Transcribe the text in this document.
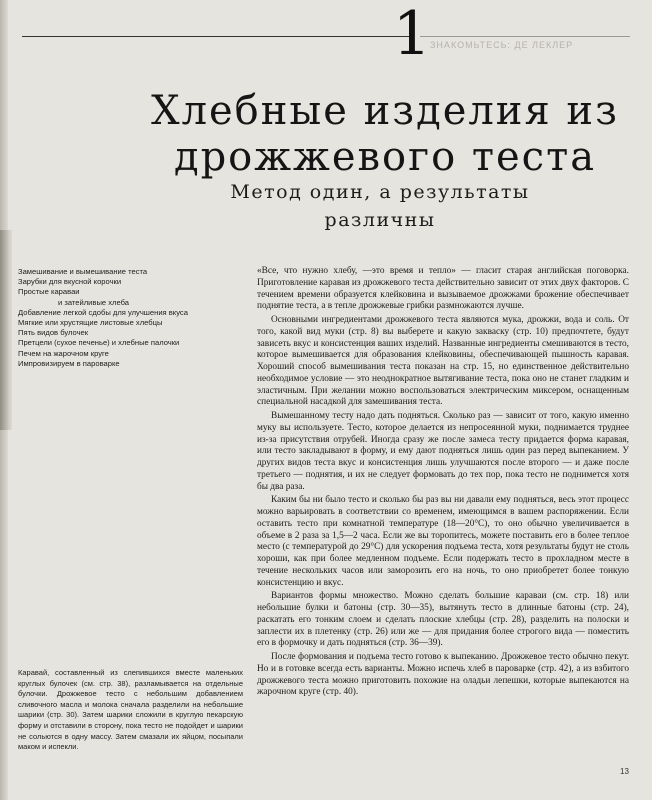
1
ЗНАКОМЬТЕСЬ: ДЕ ЛЕКЛЕР
Хлебные изделия из
дрожжевого теста
Метод один, а результаты
различны
Замешивание и вымешивание теста
Зарубки для вкусной корочки
Простые караваи
и затейливые хлеба
Добавление легкой сдобы для улучшения вкуса
Мягкие или хрустящие листовые хлебцы
Пять видов булочек
Претцели (сухое печенье) и хлебные палочки
Печем на жарочном круге
Импровизируем в пароварке

«Все, что нужно хлебу, —это время и тепло» — гласит старая английская поговорка. Приготовление каравая из дрожжевого теста действительно зависит от этих двух факторов. С течением времени образуется клейковина и вызываемое дрожжами брожение обеспечивает поднятие теста, а в тепле дрожжевые грибки размножаются лучше.

Основными ингредиентами дрожжевого теста являются мука, дрожжи, вода и соль. От того, какой вид муки (стр. 8) вы выберете и какую закваску (стр. 10) предпочтете, будут зависеть вкус и консистенция ваших изделий. Названные ингредиенты смешиваются в тесто, которое вымешивается для образования клейковины, обеспечивающей пышность каравая. Хороший способ вымешивания теста показан на стр. 15, но единственное действительно необходимое условие — это неоднократное вытягивание теста, пока оно не станет гладким и эластичным. При желании можно воспользоваться электрическим миксером, оснащенным специальной насадкой для замешивания теста.

Вымешанному тесту надо дать подняться. Сколько раз — зависит от того, какую именно муку вы используете. Тесто, которое делается из непросеянной муки, поднимается труднее из-за присутствия отрубей. Иногда сразу же после замеса тесту придается форма каравая, или тесто закладывают в форму, и ему дают подняться лишь один раз перед выпеканием. У других видов теста вкус и консистенция лишь улучшаются после второго — и даже после третьего — поднятия, и их не следует формовать до тех пор, пока тесто не поднимется хотя бы два раза.

Каким бы ни было тесто и сколько бы раз вы ни давали ему подняться, весь этот процесс можно варьировать в соответствии со временем, имеющимся в вашем распоряжении. Если оставить тесто при комнатной температуре (18—20°С), то оно обычно увеличивается в объеме в 2 раза за 1,5—2 часа. Если же вы торопитесь, можете поставить его в более теплое место (с температурой до 29°С) для ускорения подъема теста, хотя результаты будут не столь хороши, как при более медленном подъеме. Если подержать тесто в прохладном месте в течение нескольких часов или заморозить его на ночь, то оно приобретет более тонкую консистенцию и вкус.

Вариантов формы множество. Можно сделать большие караваи (см. стр. 18) или небольшие булки и батоны (стр. 30—35), вытянуть тесто в длинные батоны (стр. 24), раскатать его тонким слоем и сделать плоские хлебцы (стр. 28), разделить на полоски и заплести их в плетенку (стр. 26) или же — для придания более строгого вида — поместить его в формочку и дать подняться (стр. 36—39).

После формования и подъема тесто готово к выпеканию. Дрожжевое тесто обычно пекут. Но и в готовке всегда есть варианты. Можно испечь хлеб в пароварке (стр. 42), а из взбитого дрожжевого теста можно приготовить похожие на оладьи лепешки, которые выпекаются на жарочном круге (стр. 40).

Каравай, составленный из слепившихся вместе маленьких круглых булочек (см. стр. 38), разламывается на отдельные булочки. Дрожжевое тесто с небольшим добавлением сливочного масла и молока сначала разделили на небольшие шарики (стр. 30). Затем шарики сложили в круглую пекарскую форму и отставили в сторону, пока тесто не подойдет и шарики не сольются в одну массу. Затем смазали их яйцом, посыпали маком и испекли.
13
